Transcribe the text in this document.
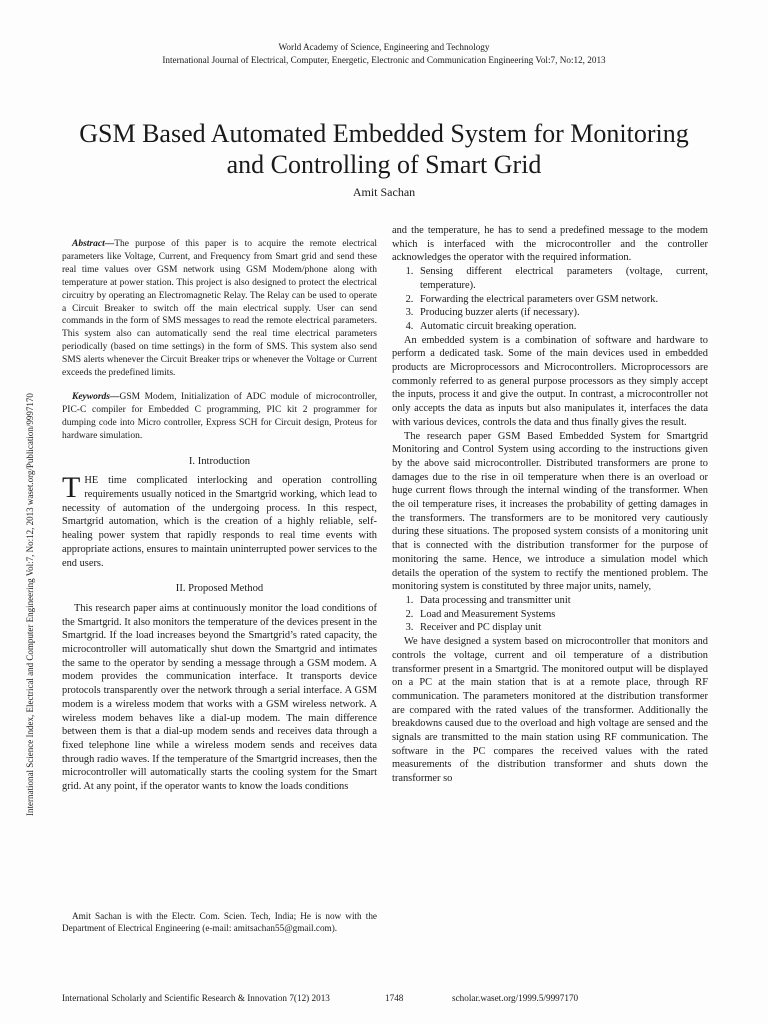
World Academy of Science, Engineering and Technology
International Journal of Electrical, Computer, Energetic, Electronic and Communication Engineering Vol:7, No:12, 2013
International Science Index, Electrical and Computer Engineering Vol:7, No:12, 2013 waset.org/Publication/9997170
GSM Based Automated Embedded System for Monitoring and Controlling of Smart Grid
Amit Sachan

Abstract—The purpose of this paper is to acquire the remote electrical parameters like Voltage, Current, and Frequency from Smart grid and send these real time values over GSM network using GSM Modem/phone along with temperature at power station. This project is also designed to protect the electrical circuitry by operating an Electromagnetic Relay. The Relay can be used to operate a Circuit Breaker to switch off the main electrical supply. User can send commands in the form of SMS messages to read the remote electrical parameters. This system also can automatically send the real time electrical parameters periodically (based on time settings) in the form of SMS. This system also send SMS alerts whenever the Circuit Breaker trips or whenever the Voltage or Current exceeds the predefined limits.

Keywords—GSM Modem, Initialization of ADC module of microcontroller, PIC-C compiler for Embedded C programming, PIC kit 2 programmer for dumping code into Micro controller, Express SCH for Circuit design, Proteus for hardware simulation.

I. Introduction

THE time complicated interlocking and operation controlling requirements usually noticed in the Smartgrid working, which lead to necessity of automation of the undergoing process. In this respect, Smartgrid automation, which is the creation of a highly reliable, self-healing power system that rapidly responds to real time events with appropriate actions, ensures to maintain uninterrupted power services to the end users.

II. Proposed Method

This research paper aims at continuously monitor the load conditions of the Smartgrid. It also monitors the temperature of the devices present in the Smartgrid. If the load increases beyond the Smartgrid’s rated capacity, the microcontroller will automatically shut down the Smartgrid and intimates the same to the operator by sending a message through a GSM modem. A modem provides the communication interface. It transports device protocols transparently over the network through a serial interface. A GSM modem is a wireless modem that works with a GSM wireless network. A wireless modem behaves like a dial-up modem. The main difference between them is that a dial-up modem sends and receives data through a fixed telephone line while a wireless modem sends and receives data through radio waves. If the temperature of the Smartgrid increases, then the microcontroller will automatically starts the cooling system for the Smart grid. At any point, if the operator wants to know the loads conditions

Amit Sachan is with the Electr. Com. Scien. Tech, India; He is now with the Department of Electrical Engineering (e-mail: amitsachan55@gmail.com).

and the temperature, he has to send a predefined message to the modem which is interfaced with the microcontroller and the controller acknowledges the operator with the required information.

1. Sensing different electrical parameters (voltage, current, temperature).
2. Forwarding the electrical parameters over GSM network.
3. Producing buzzer alerts (if necessary).
4. Automatic circuit breaking operation.

An embedded system is a combination of software and hardware to perform a dedicated task. Some of the main devices used in embedded products are Microprocessors and Microcontrollers. Microprocessors are commonly referred to as general purpose processors as they simply accept the inputs, process it and give the output. In contrast, a microcontroller not only accepts the data as inputs but also manipulates it, interfaces the data with various devices, controls the data and thus finally gives the result.

The research paper GSM Based Embedded System for Smartgrid Monitoring and Control System using according to the instructions given by the above said microcontroller. Distributed transformers are prone to damages due to the rise in oil temperature when there is an overload or huge current flows through the internal winding of the transformer. When the oil temperature rises, it increases the probability of getting damages in the transformers. The transformers are to be monitored very cautiously during these situations. The proposed system consists of a monitoring unit that is connected with the distribution transformer for the purpose of monitoring the same. Hence, we introduce a simulation model which details the operation of the system to rectify the mentioned problem. The monitoring system is constituted by three major units, namely,

1. Data processing and transmitter unit
2. Load and Measurement Systems
3. Receiver and PC display unit

We have designed a system based on microcontroller that monitors and controls the voltage, current and oil temperature of a distribution transformer present in a Smartgrid. The monitored output will be displayed on a PC at the main station that is at a remote place, through RF communication. The parameters monitored at the distribution transformer are compared with the rated values of the transformer. Additionally the breakdowns caused due to the overload and high voltage are sensed and the signals are transmitted to the main station using RF communication. The software in the PC compares the received values with the rated measurements of the distribution transformer and shuts down the transformer so

International Scholarly and Scientific Research & Innovation 7(12) 2013	1748	scholar.waset.org/1999.5/9997170
